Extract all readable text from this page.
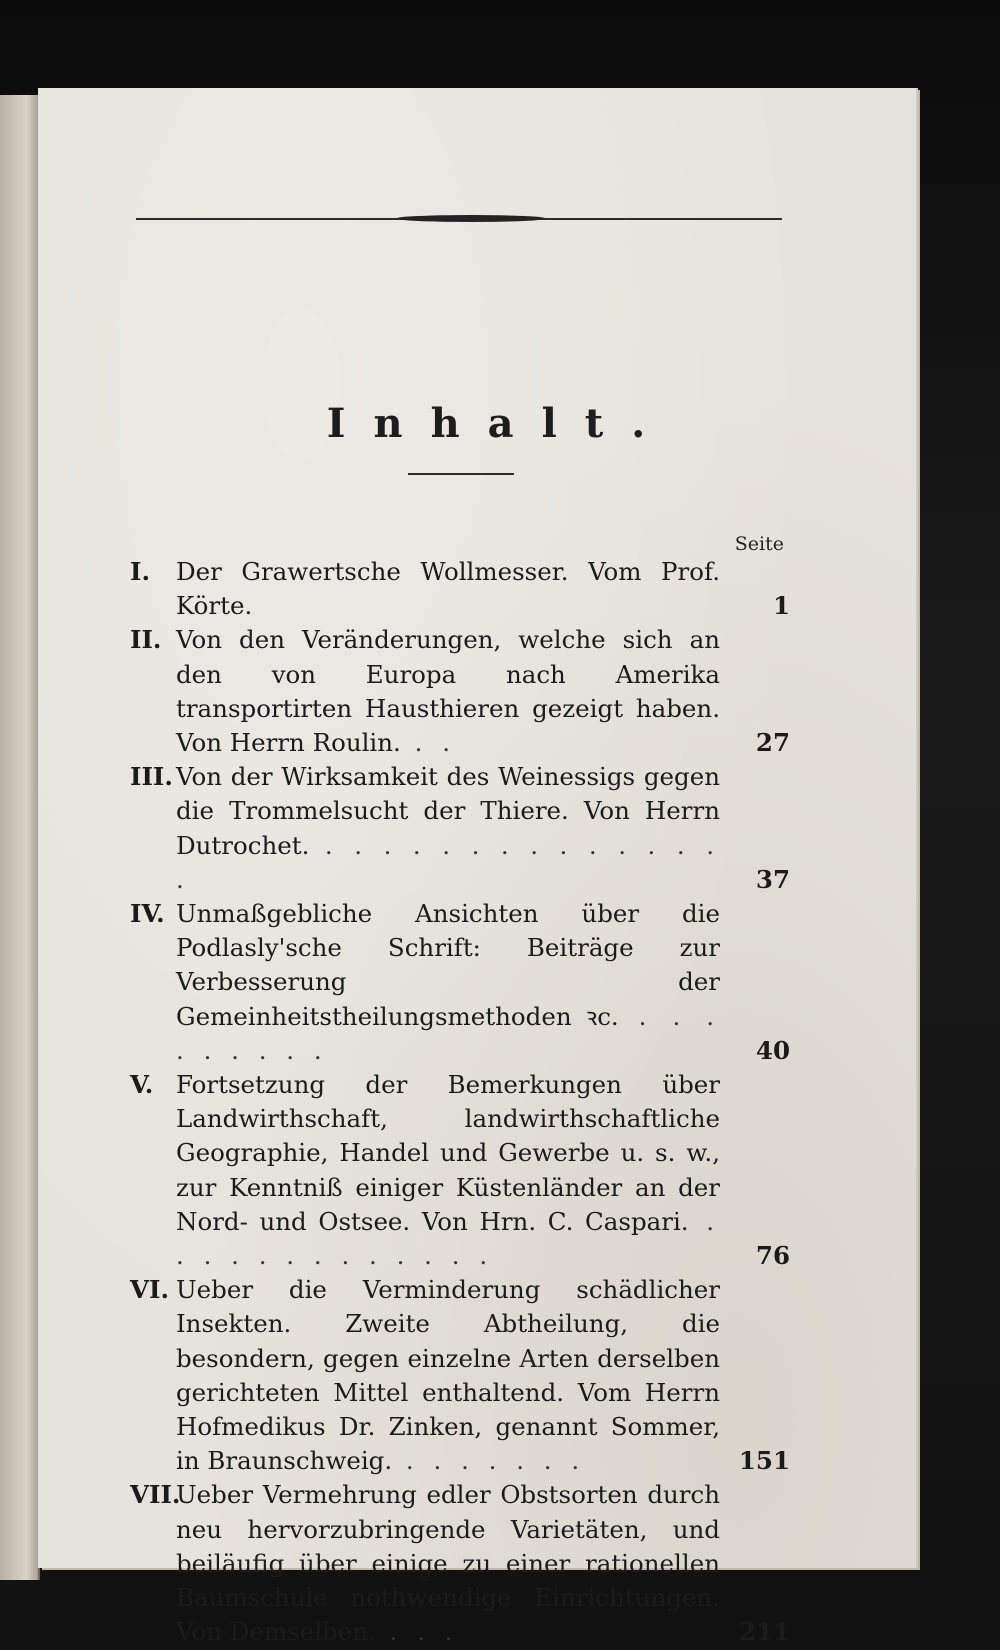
Inhalt.
Seite
I.	Der Grawertsche Wollmesser. Vom Prof. Körte.	1
II. Von den Veränderungen, welche sich an den von Europa nach Amerika transportirten Hausthieren gezeigt haben. Von Herrn Roulin. . .	27
III. Von der Wirksamkeit des Weinessigs gegen die Trommelsucht der Thiere. Von Herrn Dutrochet. . . . . . . . . . . . . . . .	37
IV. Unmaßgebliche Ansichten über die Podlasly'sche Schrift: Beiträge zur Verbesserung der Gemeinheitstheilungsmethoden ꝛc. . . . . . . . . .	40
V. Fortsetzung der Bemerkungen über Landwirthschaft, landwirthschaftliche Geographie, Handel und Gewerbe u. s. w., zur Kenntniß einiger Küstenländer an der Nord- und Ostsee. Von Hrn. C. Caspari. . . . . . . . . . . . . .	76
VI. Ueber die Verminderung schädlicher Insekten. Zweite Abtheilung, die besondern, gegen einzelne Arten derselben gerichteten Mittel enthaltend. Vom Herrn Hofmedikus Dr. Zinken, genannt Sommer, in Braunschweig. . . . . . . .	151
VII.
Ueber Vermehrung edler Obstsorten durch neu hervorzubringende Varietäten, und beiläufig über einige zu einer rationellen Baumschule nothwendige Einrichtungen. Von Demselben. . . .	211
